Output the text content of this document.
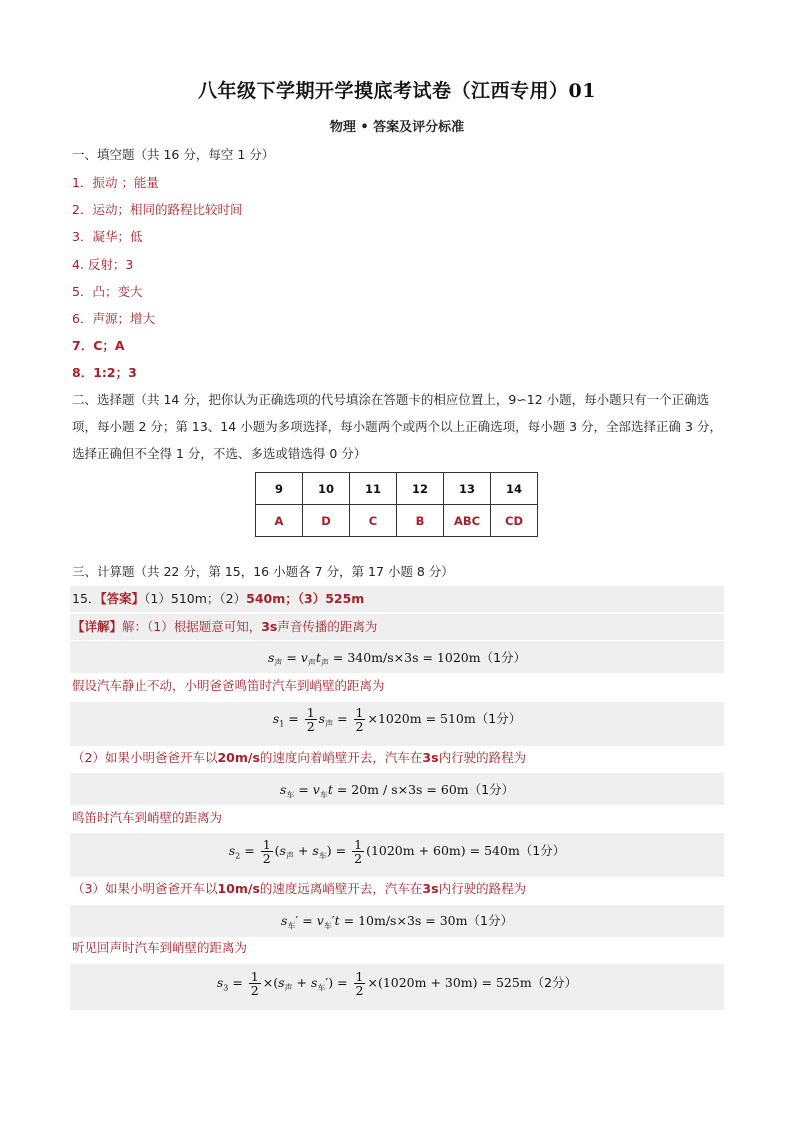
八年级下学期开学摸底考试卷（江西专用）01
物理 • 答案及评分标准
一、填空题（共 16 分，每空 1 分）
1．振动 ；能量
2．运动；相同的路程比较时间
3．凝华；低
4. 反射；3
5．凸；变大
6．声源；增大
7．C；A
8．1:2；3
二、选择题（共 14 分，把你认为正确选项的代号填涂在答题卡的相应位置上，9∽12 小题，每小题只有一个正确选项，每小题 2 分；第 13、14 小题为多项选择，每小题两个或两个以上正确选项，每小题 3 分，全部选择正确 3 分，选择正确但不全得 1 分，不选、多选或错选得 0 分）
9	10	11	12	13	14
A	D	C	B	ABC	CD
三、计算题（共 22 分，第 15，16 小题各 7 分，第 17 小题 8 分）
15．【答案】（1）510m；（2）540m；（3）525m
【详解】解：（1）根据题意可知，3s声音传播的距离为
$s_声 = v_声t_声 = 340m/s\times 3s = 1020m(1$分）
假设汽车静止不动，小明爸爸鸣笛时汽车到峭壁的距离为
$s_1 = \frac{1}{2} s_声 = \frac{1}{2} \times 1020m = 510m(1$分）
（2）如果小明爸爸开车以20m/s的速度向着峭壁开去，汽车在3s内行驶的路程为
$s_车 = v_车t = 20m / s\times 3s = 60m(1$分）
鸣笛时汽车到峭壁的距离为
$s_2 = \frac{1}{2} (s_声 + s_车) = \frac{1}{2} (1020m + 60m) = 540m(1$分）
（3）如果小明爸爸开车以10m/s的速度远离峭壁开去，汽车在3s内行驶的路程为
$s_车' = v_车't = 10m/s\times 3s = 30m(1$分）
听见回声时汽车到峭壁的距离为
$s_3 = \frac{1}{2} \times(s_声 + s_车') = \frac{1}{2} \times(1020m + 30m) = 525m(2$分）
